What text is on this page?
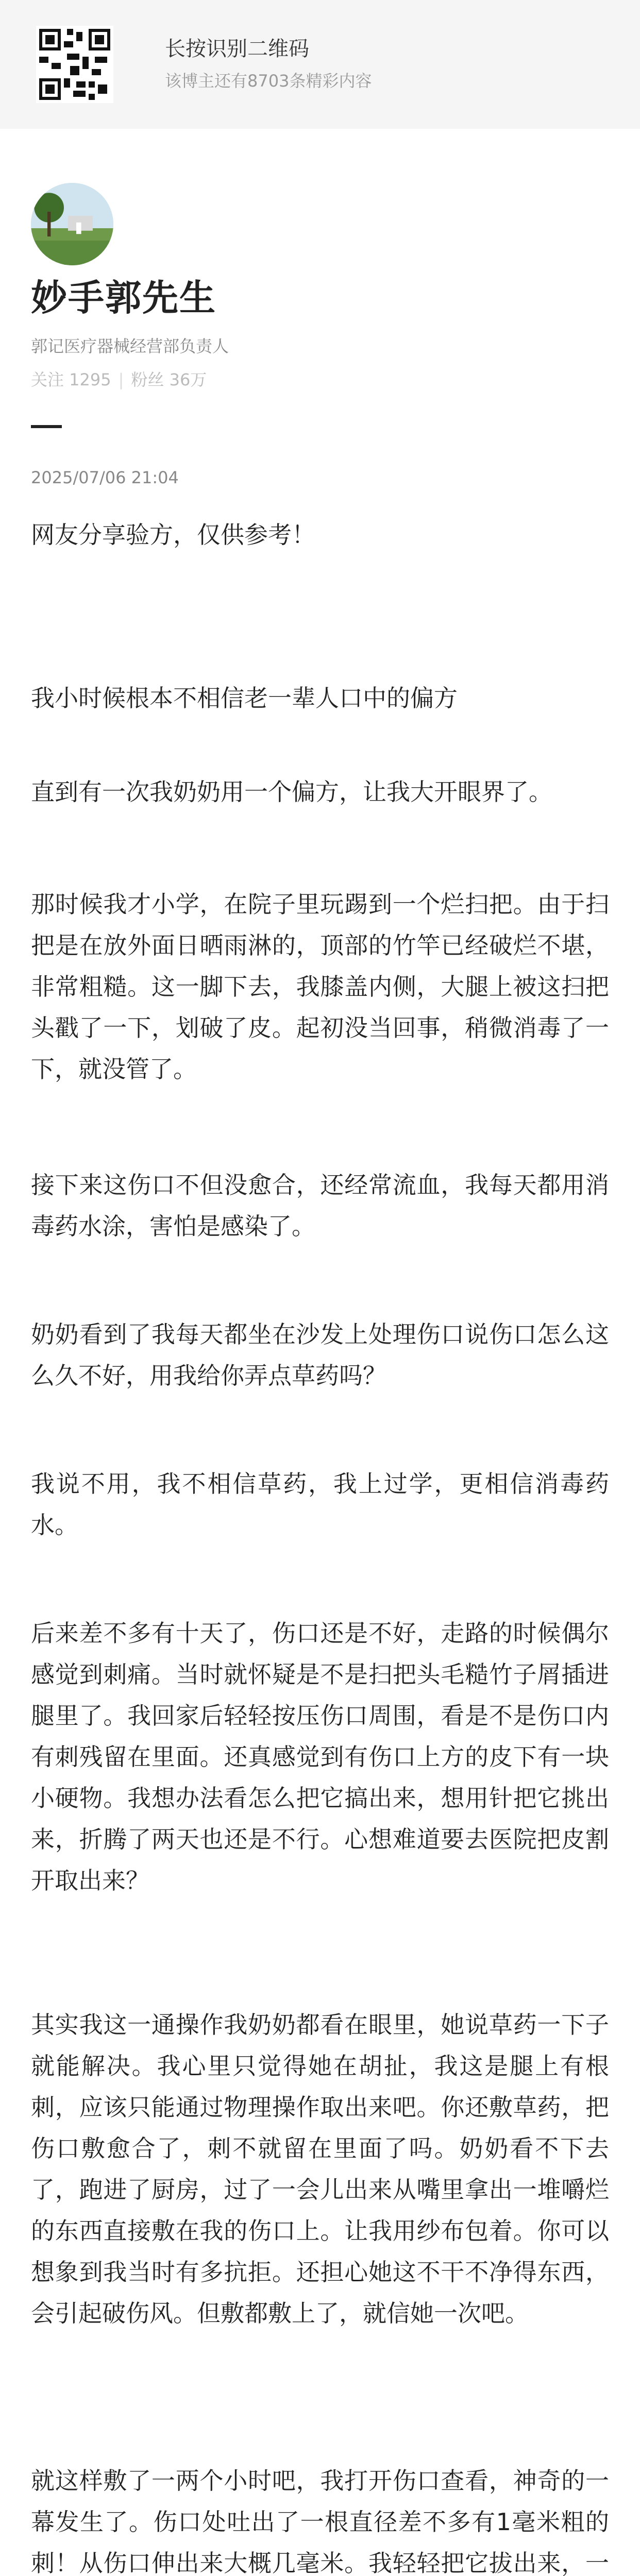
长按识别二维码
该博主还有8703条精彩内容
妙手郭先生
郭记医疗器械经营部负责人
关注 1295 | 粉丝 36万
2025/07/06 21:04
网友分享验方，仅供参考！
我小时候根本不相信老一辈人口中的偏方
直到有一次我奶奶用一个偏方，让我大开眼界了。
那时候我才小学，在院子里玩踢到一个烂扫把。由于扫把是在放外面日晒雨淋的，顶部的竹竿已经破烂不堪，非常粗糙。这一脚下去，我膝盖内侧，大腿上被这扫把头戳了一下，划破了皮。起初没当回事，稍微消毒了一下，就没管了。
接下来这伤口不但没愈合，还经常流血，我每天都用消毒药水涂，害怕是感染了。
奶奶看到了我每天都坐在沙发上处理伤口说伤口怎么这么久不好，用我给你弄点草药吗？
我说不用，我不相信草药，我上过学，更相信消毒药水。
后来差不多有十天了，伤口还是不好，走路的时候偶尔感觉到刺痛。当时就怀疑是不是扫把头毛糙竹子屑插进腿里了。我回家后轻轻按压伤口周围，看是不是伤口内有刺残留在里面。还真感觉到有伤口上方的皮下有一块小硬物。我想办法看怎么把它搞出来，想用针把它挑出来，折腾了两天也还是不行。心想难道要去医院把皮割开取出来？
其实我这一通操作我奶奶都看在眼里，她说草药一下子就能解决。我心里只觉得她在胡扯，我这是腿上有根刺，应该只能通过物理操作取出来吧。你还敷草药，把伤口敷愈合了，刺不就留在里面了吗。奶奶看不下去了，跑进了厨房，过了一会儿出来从嘴里拿出一堆嚼烂的东西直接敷在我的伤口上。让我用纱布包着。你可以想象到我当时有多抗拒。还担心她这不干不净得东西，会引起破伤风。但敷都敷上了，就信她一次吧。
就这样敷了一两个小时吧，我打开伤口查看，神奇的一幕发生了。伤口处吐出了一根直径差不多有1毫米粗的刺！从伤口伸出来大概几毫米。我轻轻把它拔出来，一
